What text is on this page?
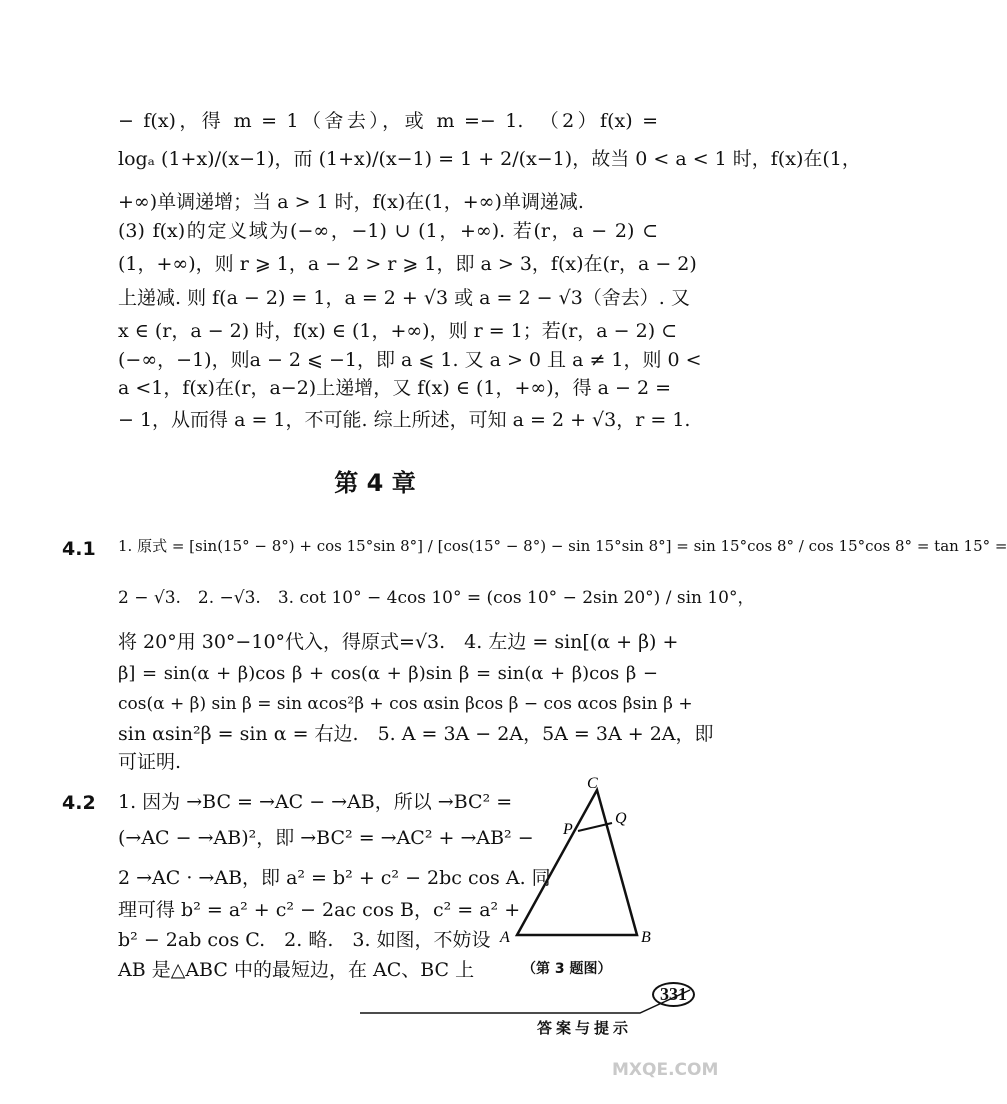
− f(x)，得 m = 1（舍去），或 m =− 1.　（2）f(x) =
logₐ (1+x)/(x−1)，而 (1+x)/(x−1) = 1 + 2/(x−1)，故当 0 < a < 1 时，f(x)在(1，
+∞)单调递增；当 a > 1 时，f(x)在(1，+∞)单调递减.
(3) f(x)的定义域为(−∞，−1) ∪ (1，+∞). 若(r，a − 2) ⊂
(1，+∞)，则 r ⩾ 1，a − 2 > r ⩾ 1，即 a > 3，f(x)在(r，a − 2)
上递减. 则 f(a − 2) = 1，a = 2 + √3 或 a = 2 − √3（舍去）. 又
x ∈ (r，a − 2) 时，f(x) ∈ (1，+∞)，则 r = 1；若(r，a − 2) ⊂
(−∞，−1)，则a − 2 ⩽ −1，即 a ⩽ 1. 又 a > 0 且 a ≠ 1，则 0 <
a <1，f(x)在(r，a−2)上递增，又 f(x) ∈ (1，+∞)，得 a − 2 =
− 1，从而得 a = 1，不可能. 综上所述，可知 a = 2 + √3，r = 1.
第 4 章
4.1 1. 原式 = [sin(15° − 8°) + cos 15°sin 8°] / [cos(15° − 8°) − sin 15°sin 8°] = sin 15°cos 8° / cos 15°cos 8° = tan 15° =
2 − √3.　2. −√3.　3. cot 10° − 4cos 10° = (cos 10° − 2sin 20°) / sin 10°，
将 20°用 30°−10°代入，得原式=√3.　4. 左边 = sin[(α + β) +
β] = sin(α + β)cos β + cos(α + β)sin β = sin(α + β)cos β −
cos(α + β) sin β = sin αcos²β + cos αsin βcos β − cos αcos βsin β +
sin αsin²β = sin α = 右边.　5. A = 3A − 2A，5A = 3A + 2A，即
可证明.
4.2 1. 因为 →BC = →AC − →AB，所以 →BC² =
(→AC − →AB)²，即 →BC² = →AC² + →AB² −
2 →AC · →AB，即 a² = b² + c² − 2bc cos A. 同
理可得 b² = a² + c² − 2ac cos B，c² = a² +
b² − 2ab cos C.　2. 略.　3. 如图，不妨设
AB 是△ABC 中的最短边，在 AC、BC 上
A	B
C
P
Q
（第 3 题图）
331
答案与提示
MXQE.COM
